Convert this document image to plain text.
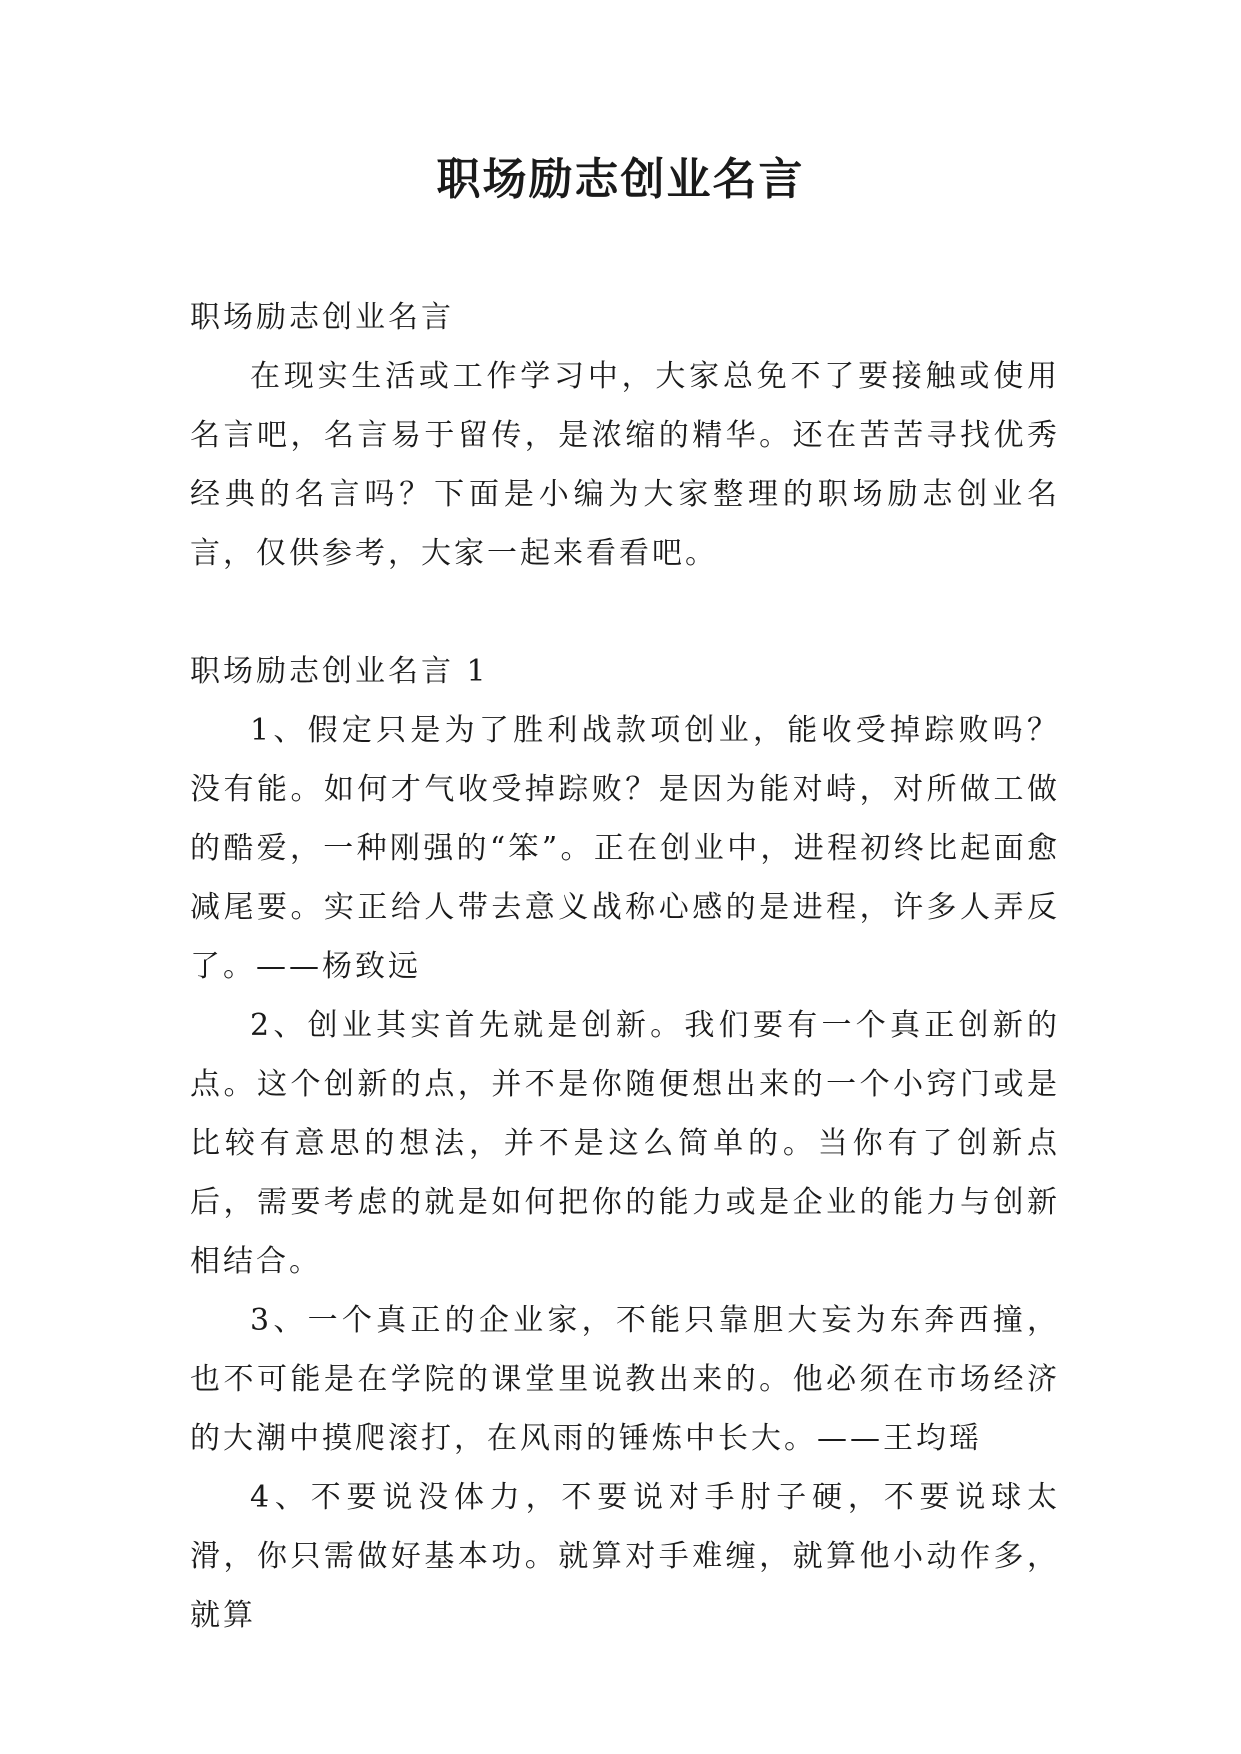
职场励志创业名言

职场励志创业名言

在现实生活或工作学习中，大家总免不了要接触或使用名言吧，名言易于留传，是浓缩的精华。还在苦苦寻找优秀经典的名言吗？下面是小编为大家整理的职场励志创业名言，仅供参考，大家一起来看看吧。

职场励志创业名言 1

1、假定只是为了胜利战款项创业，能收受掉踪败吗？没有能。如何才气收受掉踪败？是因为能对峙，对所做工做的酷爱，一种刚强的“笨”。正在创业中，进程初终比起面愈减尾要。实正给人带去意义战称心感的是进程，许多人弄反了。——杨致远

2、创业其实首先就是创新。我们要有一个真正创新的点。这个创新的点，并不是你随便想出来的一个小窍门或是比较有意思的想法，并不是这么简单的。当你有了创新点后，需要考虑的就是如何把你的能力或是企业的能力与创新相结合。

3、一个真正的企业家，不能只靠胆大妄为东奔西撞，也不可能是在学院的课堂里说教出来的。他必须在市场经济的大潮中摸爬滚打，在风雨的锤炼中长大。——王均瑶

4、不要说没体力，不要说对手肘子硬，不要说球太滑，你只需做好基本功。就算对手难缠，就算他小动作多，就算
